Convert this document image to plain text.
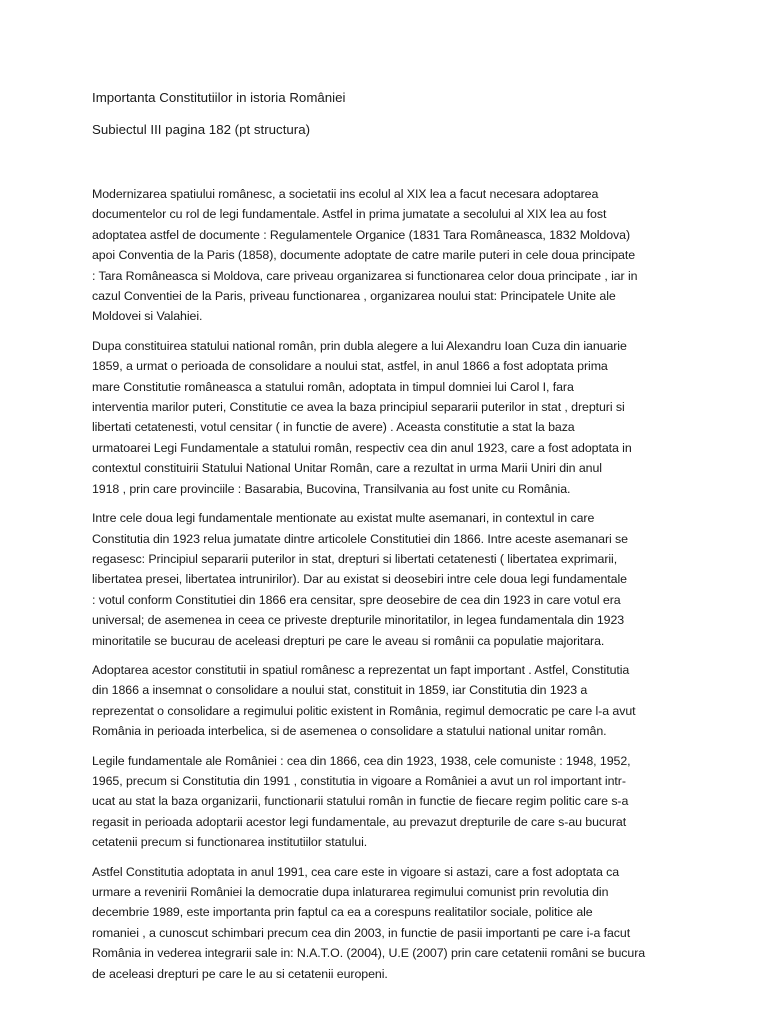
Importanta Constitutiilor in istoria României
Subiectul III pagina 182 (pt structura)
Modernizarea spatiului românesc, a societatii ins ecolul al XIX lea a facut necesara adoptarea
documentelor cu rol de legi fundamentale. Astfel in prima jumatate a secolului al XIX lea au fost
adoptatea astfel de documente : Regulamentele Organice (1831 Tara Româneasca, 1832 Moldova)
apoi Conventia de la Paris (1858), documente adoptate de catre marile puteri in cele doua principate
: Tara Româneasca si Moldova, care priveau organizarea si functionarea celor doua principate , iar in
cazul Conventiei de la Paris, priveau functionarea , organizarea noului stat: Principatele Unite ale
Moldovei si Valahiei.
Dupa constituirea statului national român, prin dubla alegere a lui Alexandru Ioan Cuza din ianuarie
1859, a urmat o perioada de consolidare a noului stat, astfel, in anul 1866 a fost adoptata prima
mare Constitutie româneasca a statului român, adoptata in timpul domniei lui Carol I, fara
interventia marilor puteri, Constitutie ce avea la baza principiul separarii puterilor in stat , drepturi si
libertati cetatenesti, votul censitar ( in functie de avere) . Aceasta constitutie a stat la baza
urmatoarei Legi Fundamentale a statului român, respectiv cea din anul 1923, care a fost adoptata in
contextul constituirii Statului National Unitar Român, care a rezultat in urma Marii Uniri din anul
1918 , prin care provinciile : Basarabia, Bucovina, Transilvania au fost unite cu România.
Intre cele doua legi fundamentale mentionate au existat multe asemanari, in contextul in care
Constitutia din 1923 relua jumatate dintre articolele Constitutiei din 1866. Intre aceste asemanari se
regasesc: Principiul separarii puterilor in stat, drepturi si libertati cetatenesti ( libertatea exprimarii,
libertatea presei, libertatea intrunirilor). Dar au existat si deosebiri intre cele doua legi fundamentale
: votul conform Constitutiei din 1866 era censitar, spre deosebire de cea din 1923 in care votul era
universal; de asemenea in ceea ce priveste drepturile minoritatilor, in legea fundamentala din 1923
minoritatile se bucurau de aceleasi drepturi pe care le aveau si românii ca populatie majoritara.
Adoptarea acestor constitutii in spatiul românesc a reprezentat un fapt important . Astfel, Constitutia
din 1866 a insemnat o consolidare a noului stat, constituit in 1859, iar Constitutia din 1923 a
reprezentat o consolidare a regimului politic existent in România, regimul democratic pe care l-a avut
România in perioada interbelica, si de asemenea o consolidare a statului national unitar român.
Legile fundamentale ale României : cea din 1866, cea din 1923, 1938, cele comuniste : 1948, 1952,
1965, precum si Constitutia din 1991 , constitutia in vigoare a României a avut un rol important intr-
ucat au stat la baza organizarii, functionarii statului român in functie de fiecare regim politic care s-a
regasit in perioada adoptarii acestor legi fundamentale, au prevazut drepturile de care s-au bucurat
cetatenii precum si functionarea institutiilor statului.
Astfel Constitutia adoptata in anul 1991, cea care este in vigoare si astazi, care a fost adoptata ca
urmare a revenirii României la democratie dupa inlaturarea regimului comunist prin revolutia din
decembrie 1989, este importanta prin faptul ca ea a corespuns realitatilor sociale, politice ale
romaniei , a cunoscut schimbari precum cea din 2003, in functie de pasii importanti pe care i-a facut
România in vederea integrarii sale in: N.A.T.O. (2004), U.E (2007) prin care cetatenii români se bucura
de aceleasi drepturi pe care le au si cetatenii europeni.
